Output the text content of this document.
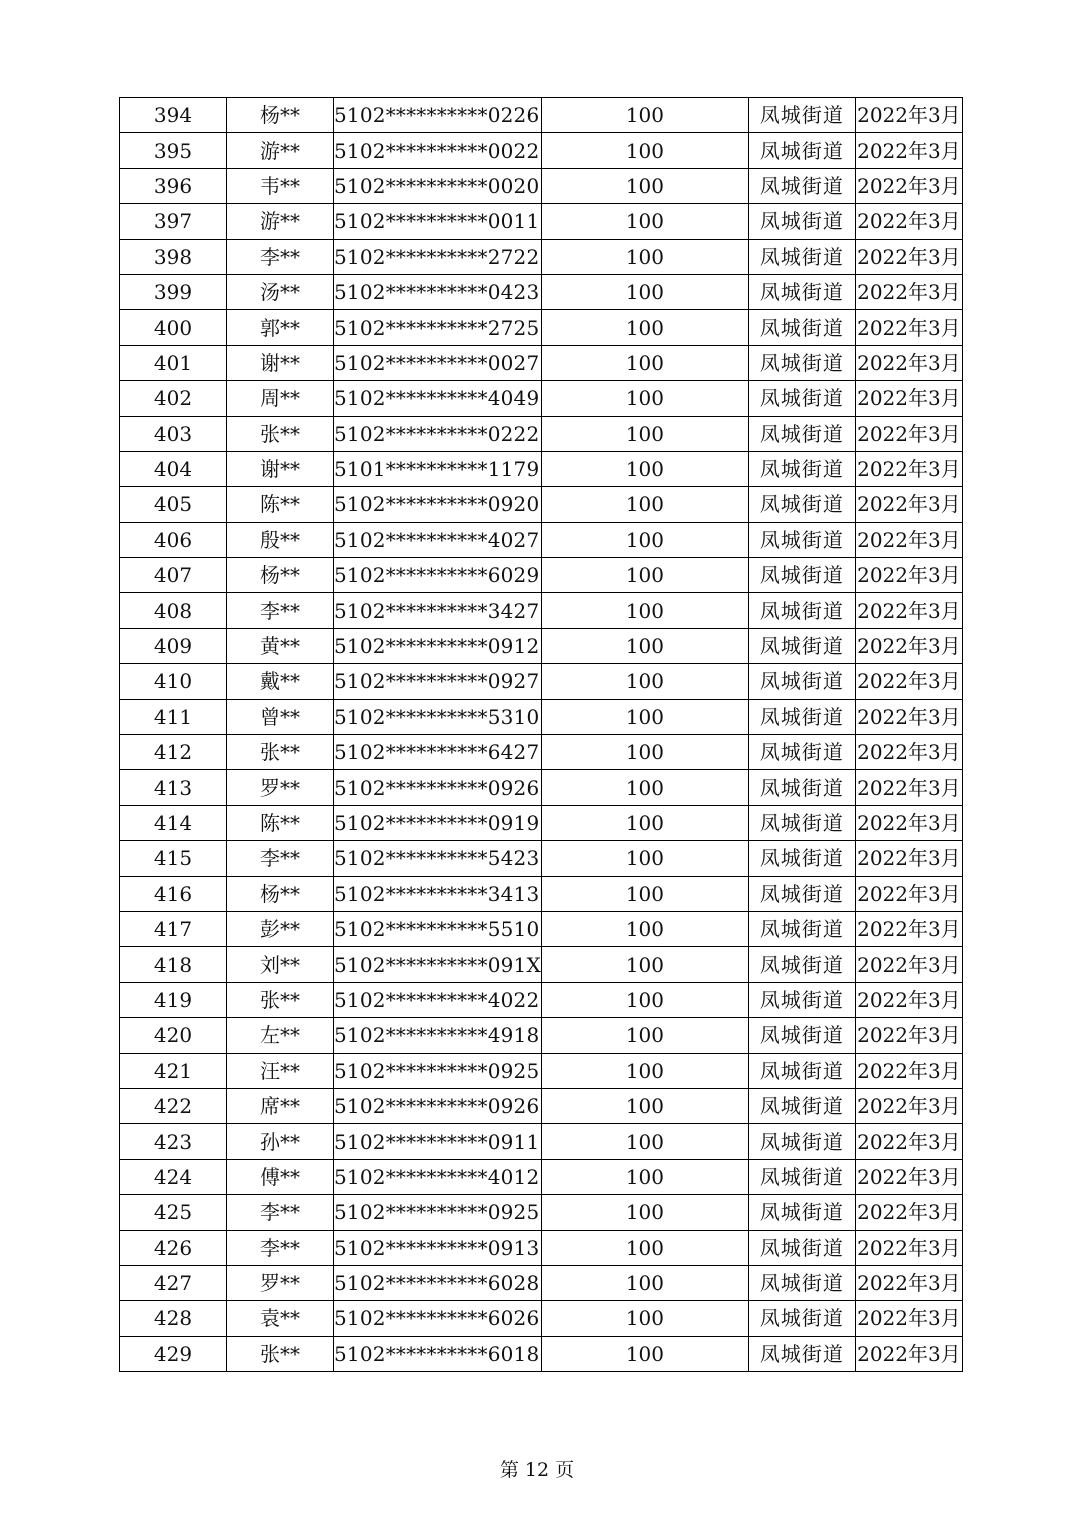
394	杨**	5102**********0226	100	凤城街道	2022年3月
395	游**	5102**********0022	100	凤城街道	2022年3月
396	韦**	5102**********0020	100	凤城街道	2022年3月
397	游**	5102**********0011	100	凤城街道	2022年3月
398	李**	5102**********2722	100	凤城街道	2022年3月
399	汤**	5102**********0423	100	凤城街道	2022年3月
400	郭**	5102**********2725	100	凤城街道	2022年3月
401	谢**	5102**********0027	100	凤城街道	2022年3月
402	周**	5102**********4049	100	凤城街道	2022年3月
403	张**	5102**********0222	100	凤城街道	2022年3月
404	谢**	5101**********1179	100	凤城街道	2022年3月
405	陈**	5102**********0920	100	凤城街道	2022年3月
406	殷**	5102**********4027	100	凤城街道	2022年3月
407	杨**	5102**********6029	100	凤城街道	2022年3月
408	李**	5102**********3427	100	凤城街道	2022年3月
409	黄**	5102**********0912	100	凤城街道	2022年3月
410	戴**	5102**********0927	100	凤城街道	2022年3月
411	曾**	5102**********5310	100	凤城街道	2022年3月
412	张**	5102**********6427	100	凤城街道	2022年3月
413	罗**	5102**********0926	100	凤城街道	2022年3月
414	陈**	5102**********0919	100	凤城街道	2022年3月
415	李**	5102**********5423	100	凤城街道	2022年3月
416	杨**	5102**********3413	100	凤城街道	2022年3月
417	彭**	5102**********5510	100	凤城街道	2022年3月
418	刘**	5102**********091X	100	凤城街道	2022年3月
419	张**	5102**********4022	100	凤城街道	2022年3月
420	左**	5102**********4918	100	凤城街道	2022年3月
421	汪**	5102**********0925	100	凤城街道	2022年3月
422	席**	5102**********0926	100	凤城街道	2022年3月
423	孙**	5102**********0911	100	凤城街道	2022年3月
424	傅**	5102**********4012	100	凤城街道	2022年3月
425	李**	5102**********0925	100	凤城街道	2022年3月
426	李**	5102**********0913	100	凤城街道	2022年3月
427	罗**	5102**********6028	100	凤城街道	2022年3月
428	袁**	5102**********6026	100	凤城街道	2022年3月
429	张**	5102**********6018	100	凤城街道	2022年3月
第 12 页
